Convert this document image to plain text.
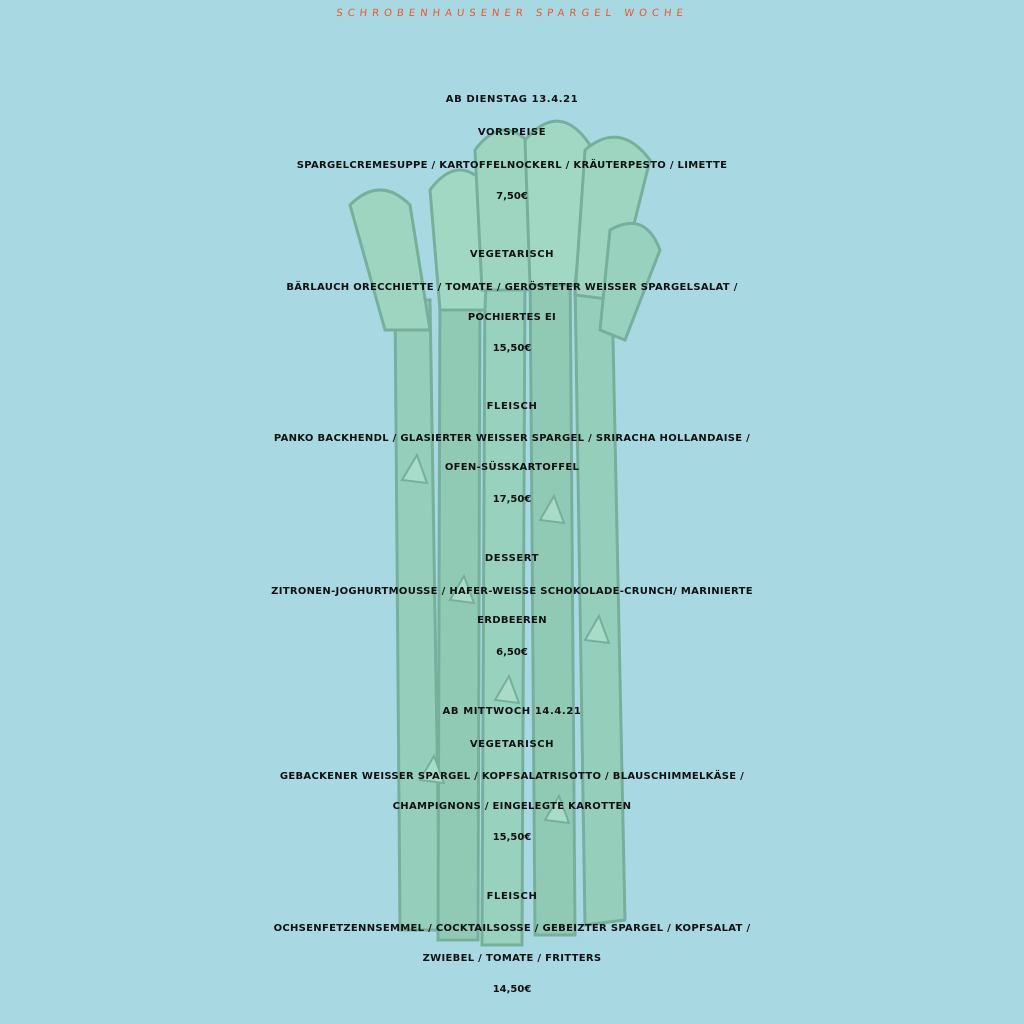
SCHROBENHAUSENER SPARGEL WOCHE
AB DIENSTAG 13.4.21
VORSPEISE
SPARGELCREMESUPPE / KARTOFFELNOCKERL / KRÄUTERPESTO / LIMETTE
7,50€
VEGETARISCH
BÄRLAUCH ORECCHIETTE / TOMATE / GERÖSTETER WEISSER SPARGELSALAT /
POCHIERTES EI
15,50€
FLEISCH
PANKO BACKHENDL / GLASIERTER WEISSER SPARGEL / SRIRACHA HOLLANDAISE /
OFEN-SÜSSKARTOFFEL
17,50€
DESSERT
ZITRONEN-JOGHURTMOUSSE / HAFER-WEISSE SCHOKOLADE-CRUNCH/ MARINIERTE
ERDBEEREN
6,50€
AB MITTWOCH 14.4.21
VEGETARISCH
GEBACKENER WEISSER SPARGEL / KOPFSALATRISOTTO / BLAUSCHIMMELKÄSE /
CHAMPIGNONS / EINGELEGTE KAROTTEN
15,50€
FLEISCH
OCHSENFETZENNSEMMEL / COCKTAILSOSSE / GEBEIZTER SPARGEL / KOPFSALAT /
ZWIEBEL / TOMATE / FRITTERS
14,50€
